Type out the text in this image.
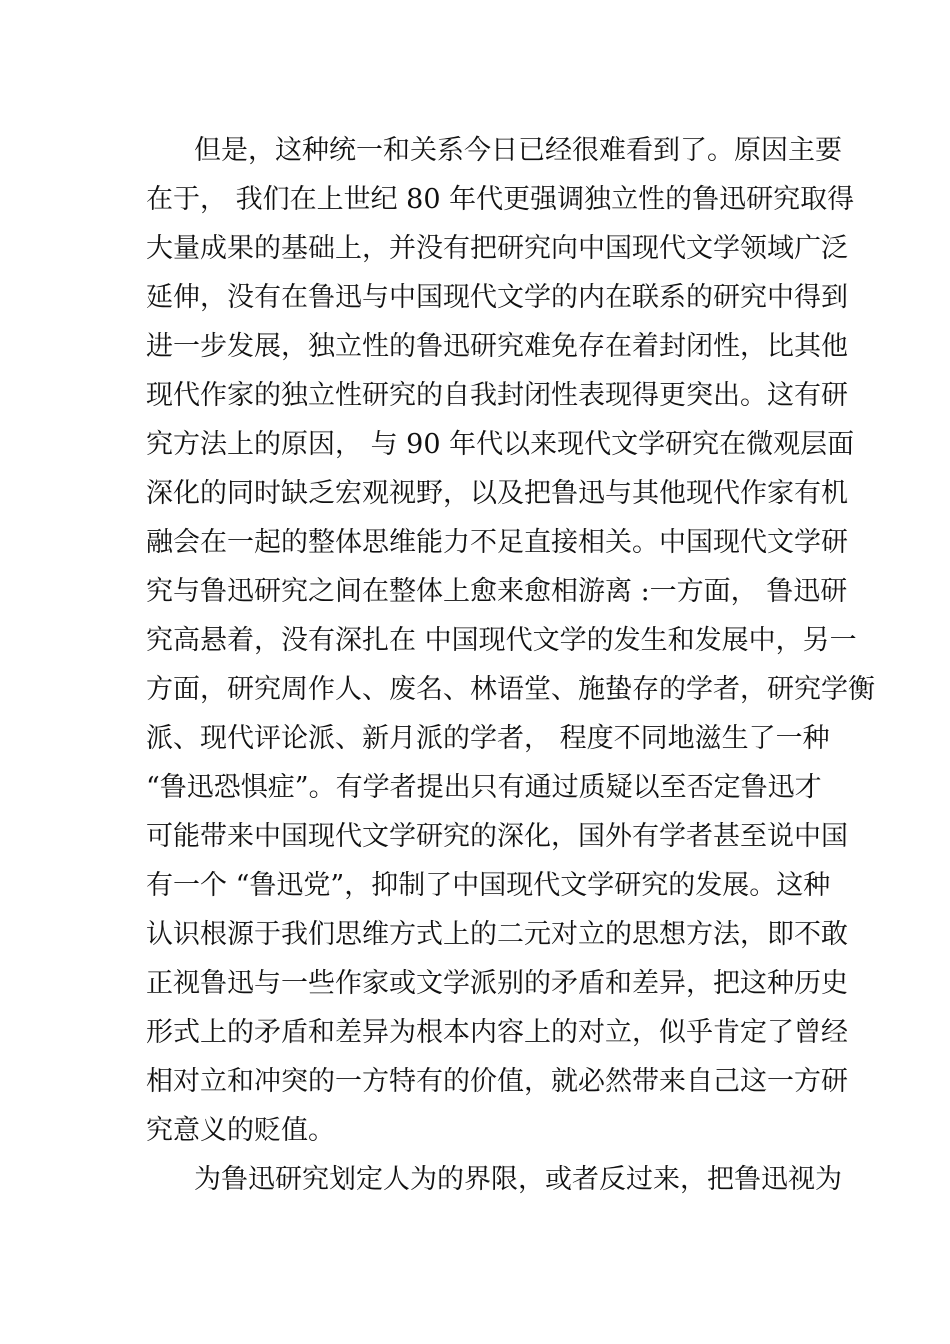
但是，这种统一和关系今日已经很难看到了。原因主要
在于， 我们在上世纪 80 年代更强调独立性的鲁迅研究取得
大量成果的基础上，并没有把研究向中国现代文学领域广泛
延伸，没有在鲁迅与中国现代文学的内在联系的研究中得到
进一步发展，独立性的鲁迅研究难免存在着封闭性，比其他
现代作家的独立性研究的自我封闭性表现得更突出。这有研
究方法上的原因， 与 90 年代以来现代文学研究在微观层面
深化的同时缺乏宏观视野，以及把鲁迅与其他现代作家有机
融会在一起的整体思维能力不足直接相关。中国现代文学研
究与鲁迅研究之间在整体上愈来愈相游离 :一方面， 鲁迅研
究高悬着，没有深扎在 中国现代文学的发生和发展中，另一
方面，研究周作人、废名、林语堂、施蛰存的学者，研究学衡
派、现代评论派、新月派的学者， 程度不同地滋生了一种
“鲁迅恐惧症”。有学者提出只有通过质疑以至否定鲁迅才
可能带来中国现代文学研究的深化，国外有学者甚至说中国
有一个 “鲁迅党”，抑制了中国现代文学研究的发展。这种
认识根源于我们思维方式上的二元对立的思想方法，即不敢
正视鲁迅与一些作家或文学派别的矛盾和差异，把这种历史
形式上的矛盾和差异为根本内容上的对立，似乎肯定了曾经
相对立和冲突的一方特有的价值，就必然带来自己这一方研
究意义的贬值。
为鲁迅研究划定人为的界限，或者反过来，把鲁迅视为
